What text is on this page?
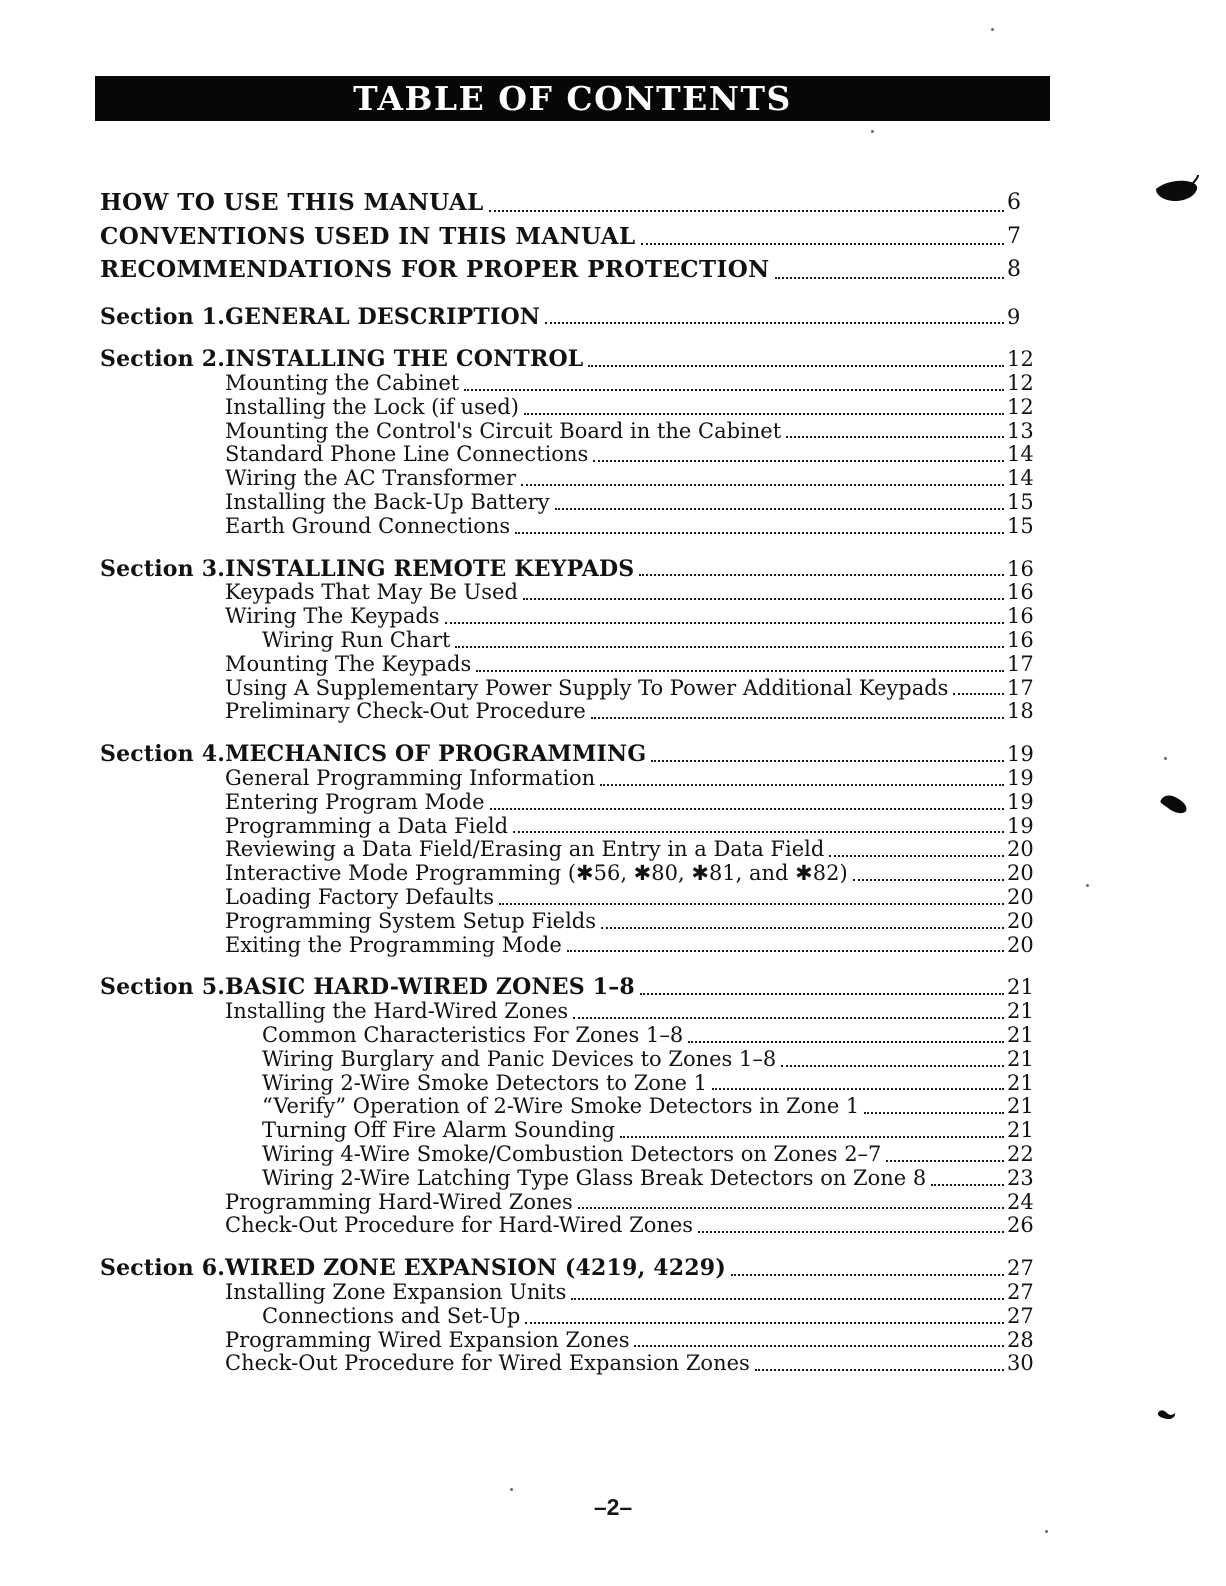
TABLE OF CONTENTS
HOW TO USE THIS MANUAL	6
CONVENTIONS USED IN THIS MANUAL	7
RECOMMENDATIONS FOR PROPER PROTECTION	8
Section 1. GENERAL DESCRIPTION	9
Section 2. INSTALLING THE CONTROL	12
Mounting the Cabinet	12
Installing the Lock (if used)	12
Mounting the Control's Circuit Board in the Cabinet	13
Standard Phone Line Connections	14
Wiring the AC Transformer	14
Installing the Back-Up Battery	15
Earth Ground Connections	15
Section 3. INSTALLING REMOTE KEYPADS	16
Keypads That May Be Used	16
Wiring The Keypads	16
Wiring Run Chart	16
Mounting The Keypads	17
Using A Supplementary Power Supply To Power Additional Keypads	17
Preliminary Check-Out Procedure	18
Section 4. MECHANICS OF PROGRAMMING	19
General Programming Information	19
Entering Program Mode	19
Programming a Data Field	19
Reviewing a Data Field/Erasing an Entry in a Data Field	20
Interactive Mode Programming (✱56, ✱80, ✱81, and ✱82)	20
Loading Factory Defaults	20
Programming System Setup Fields	20
Exiting the Programming Mode	20
Section 5. BASIC HARD-WIRED ZONES 1–8	21
Installing the Hard-Wired Zones	21
Common Characteristics For Zones 1–8	21
Wiring Burglary and Panic Devices to Zones 1–8	21
Wiring 2-Wire Smoke Detectors to Zone 1	21
“Verify” Operation of 2-Wire Smoke Detectors in Zone 1	21
Turning Off Fire Alarm Sounding	21
Wiring 4-Wire Smoke/Combustion Detectors on Zones 2–7	22
Wiring 2-Wire Latching Type Glass Break Detectors on Zone 8	23
Programming Hard-Wired Zones	24
Check-Out Procedure for Hard-Wired Zones	26
Section 6. WIRED ZONE EXPANSION (4219, 4229)	27
Installing Zone Expansion Units	27
Connections and Set-Up	27
Programming Wired Expansion Zones	28
Check-Out Procedure for Wired Expansion Zones	30
–2–
